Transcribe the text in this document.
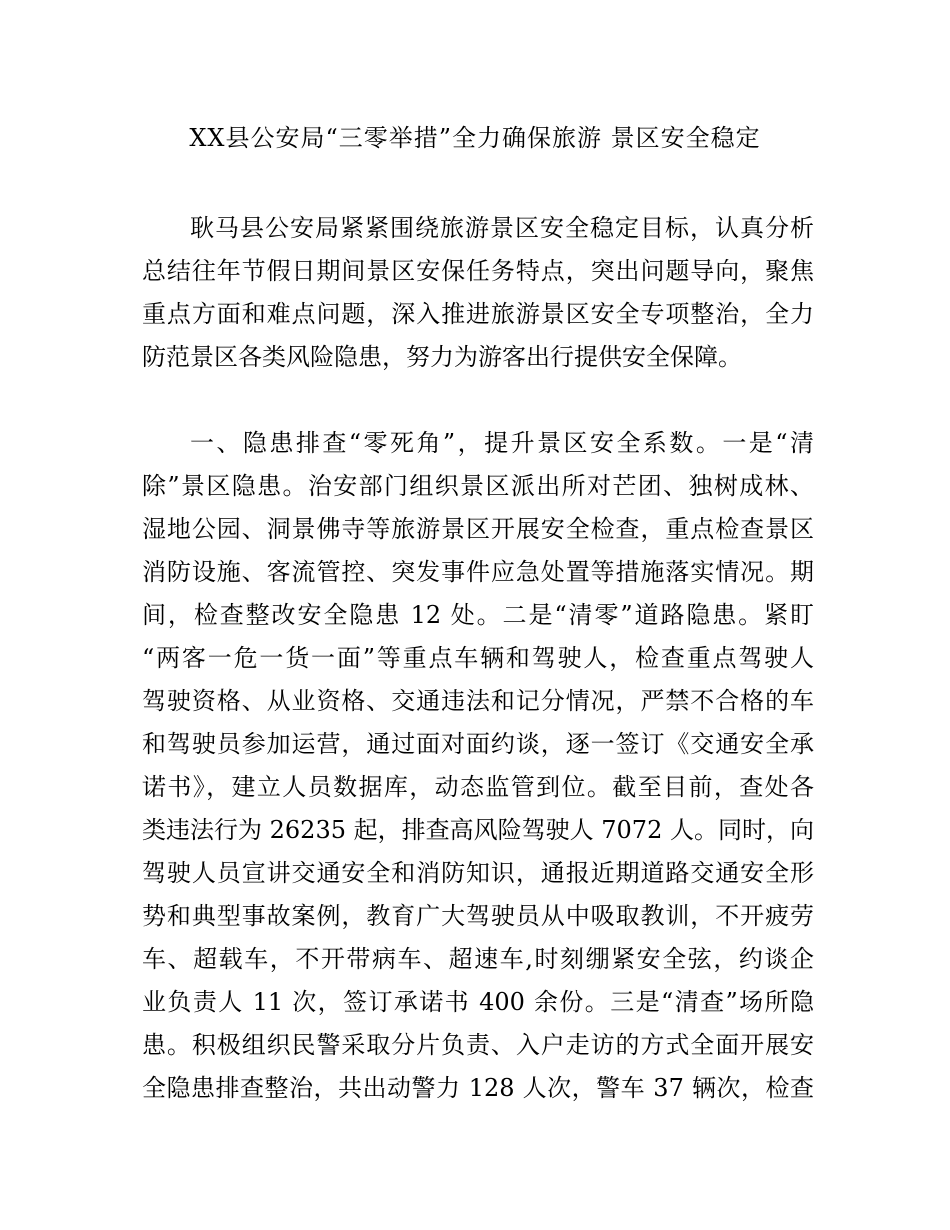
XX县公安局“三零举措”全力确保旅游 景区安全稳定
耿马县公安局紧紧围绕旅游景区安全稳定目标，认真分析
总结往年节假日期间景区安保任务特点，突出问题导向，聚焦
重点方面和难点问题，深入推进旅游景区安全专项整治，全力
防范景区各类风险隐患，努力为游客出行提供安全保障。
一、隐患排查“零死角”，提升景区安全系数。一是“清
除”景区隐患。治安部门组织景区派出所对芒团、独树成林、
湿地公园、洞景佛寺等旅游景区开展安全检查，重点检查景区
消防设施、客流管控、突发事件应急处置等措施落实情况。期
间，检查整改安全隐患 12 处。二是“清零”道路隐患。紧盯
“两客一危一货一面”等重点车辆和驾驶人，检查重点驾驶人
驾驶资格、从业资格、交通违法和记分情况，严禁不合格的车
和驾驶员参加运营，通过面对面约谈，逐一签订《交通安全承
诺书》，建立人员数据库，动态监管到位。截至目前，查处各
类违法行为 26235 起，排查高风险驾驶人 7072 人。同时，向
驾驶人员宣讲交通安全和消防知识，通报近期道路交通安全形
势和典型事故案例，教育广大驾驶员从中吸取教训，不开疲劳
车、超载车，不开带病车、超速车,时刻绷紧安全弦，约谈企
业负责人 11 次，签订承诺书 400 余份。三是“清查”场所隐
患。积极组织民警采取分片负责、入户走访的方式全面开展安
全隐患排查整治，共出动警力 128 人次，警车 37 辆次，检查
